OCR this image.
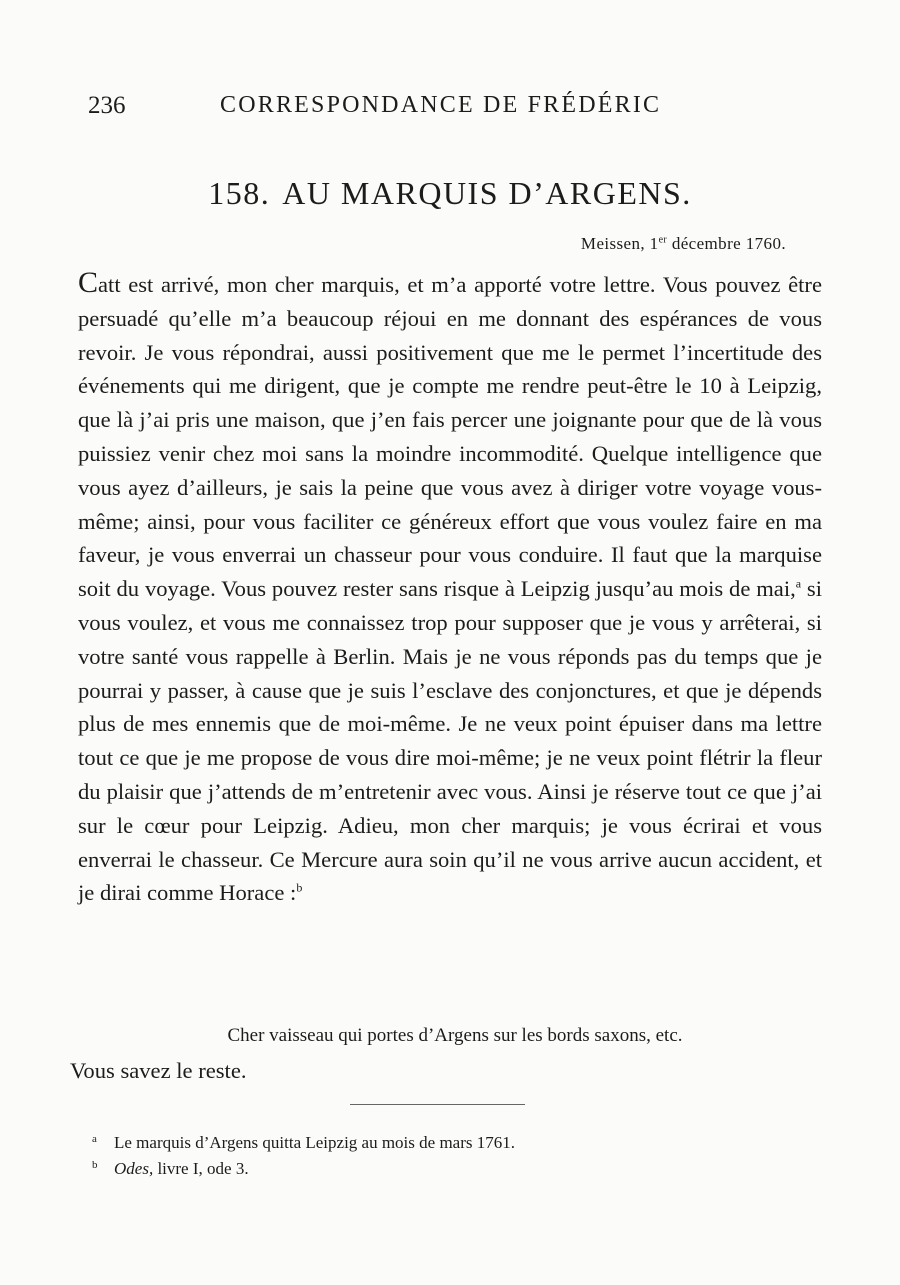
236	CORRESPONDANCE DE FRÉDÉRIC
158. AU MARQUIS D’ARGENS.
Meissen, 1er décembre 1760.

Catt est arrivé, mon cher marquis, et m’a apporté votre lettre. Vous pouvez être persuadé qu’elle m’a beaucoup réjoui en me donnant des espérances de vous revoir. Je vous répondrai, aussi positivement que me le permet l’incertitude des événements qui me dirigent, que je compte me rendre peut-être le 10 à Leipzig, que là j’ai pris une maison, que j’en fais percer une joignante pour que de là vous puissiez venir chez moi sans la moindre incommodité. Quelque intelligence que vous ayez d’ailleurs, je sais la peine que vous avez à diriger votre voyage vous-même; ainsi, pour vous faciliter ce généreux effort que vous voulez faire en ma faveur, je vous enverrai un chasseur pour vous conduire. Il faut que la marquise soit du voyage. Vous pouvez rester sans risque à Leipzig jusqu’au mois de mai,$^a$ si vous voulez, et vous me connaissez trop pour supposer que je vous y arrêterai, si votre santé vous rappelle à Berlin. Mais je ne vous réponds pas du temps que je pourrai y passer, à cause que je suis l’esclave des conjonctures, et que je dépends plus de mes ennemis que de moi-même. Je ne veux point épuiser dans ma lettre tout ce que je me propose de vous dire moi-même; je ne veux point flétrir la fleur du plaisir que j’attends de m’entretenir avec vous. Ainsi je réserve tout ce que j’ai sur le cœur pour Leipzig. Adieu, mon cher marquis; je vous écrirai et vous enverrai le chasseur. Ce Mercure aura soin qu’il ne vous arrive aucun accident, et je dirai comme Horace :$^b$

Cher vaisseau qui portes d’Argens sur les bords saxons, etc.
Vous savez le reste.
a Le marquis d’Argens quitta Leipzig au mois de mars 1761.
b Odes, livre I, ode 3.
